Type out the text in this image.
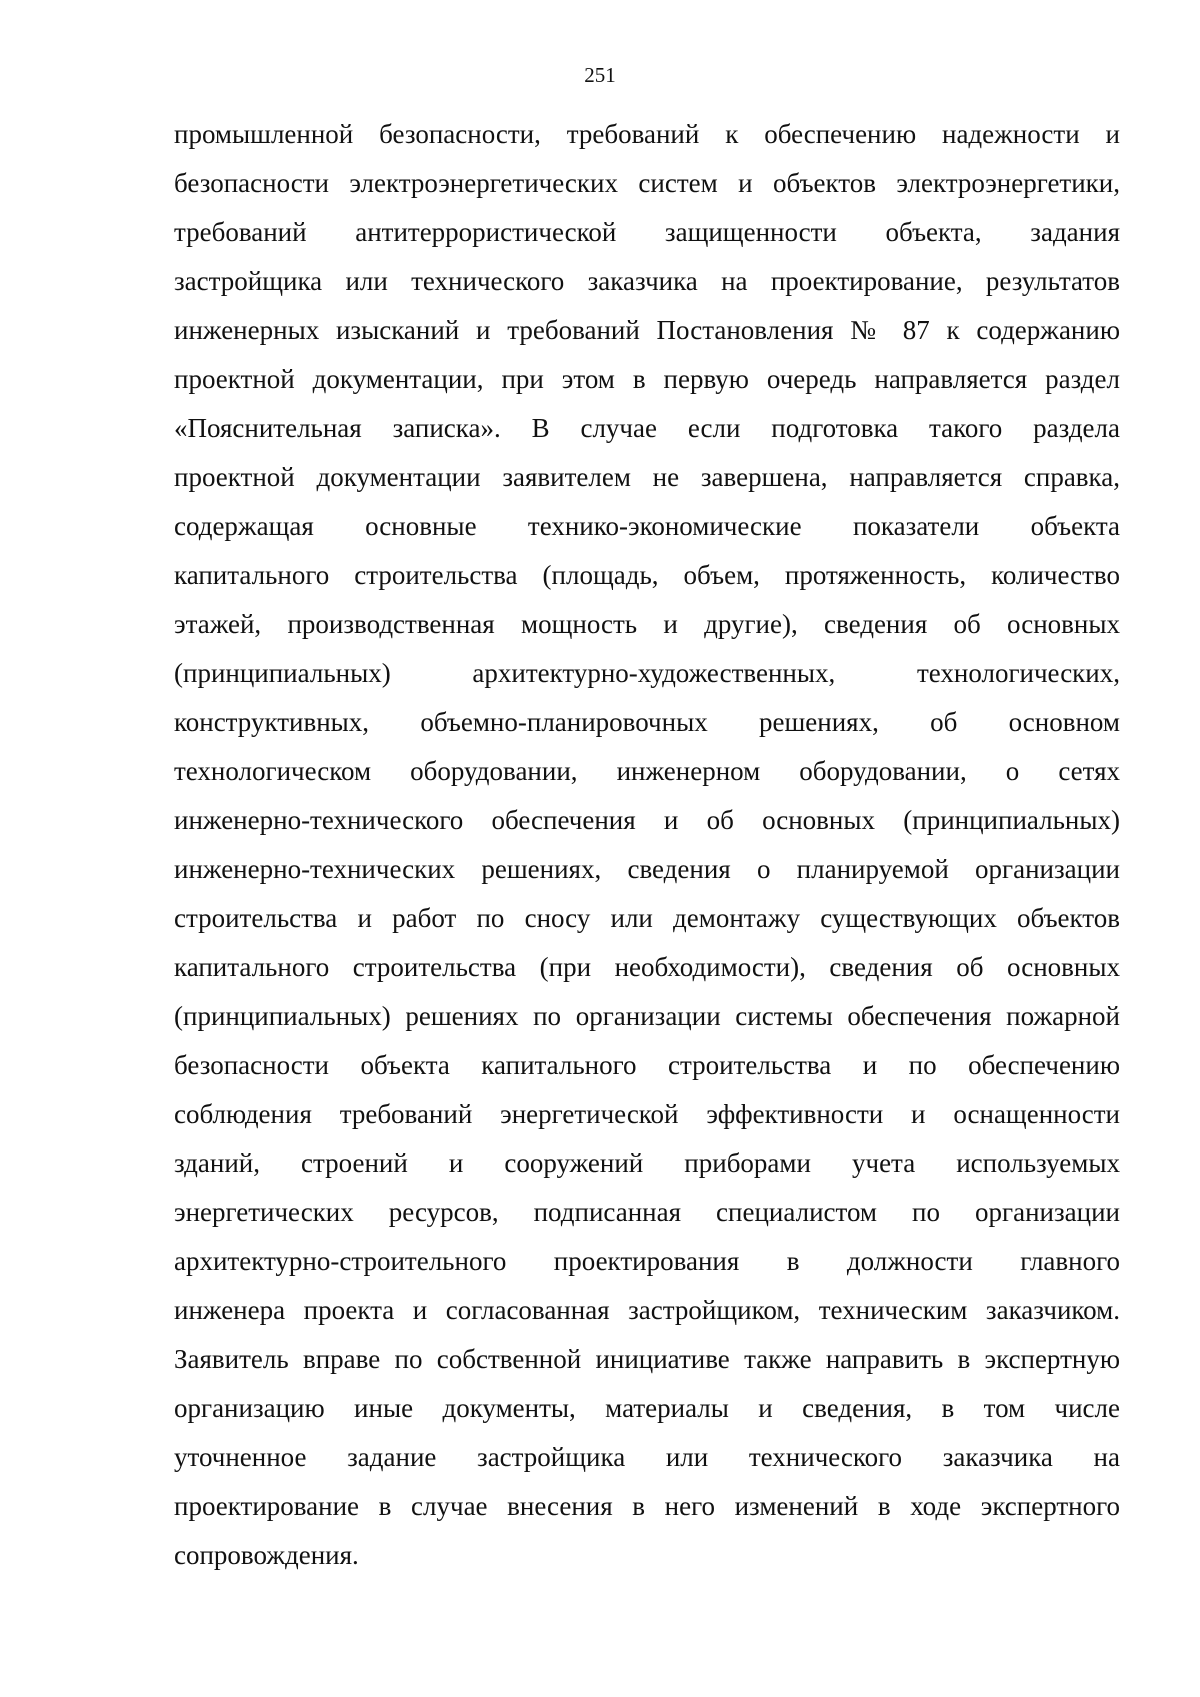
251
промышленной безопасности, требований к обеспечению надежности и
безопасности электроэнергетических систем и объектов электроэнергетики,
требований антитеррористической защищенности объекта, задания
застройщика или технического заказчика на проектирование, результатов
инженерных изысканий и требований Постановления № 87 к содержанию
проектной документации, при этом в первую очередь направляется раздел
«Пояснительная записка». В случае если подготовка такого раздела
проектной документации заявителем не завершена, направляется справка,
содержащая основные технико-экономические показатели объекта
капитального строительства (площадь, объем, протяженность, количество
этажей, производственная мощность и другие), сведения об основных
(принципиальных) архитектурно-художественных, технологических,
конструктивных, объемно-планировочных решениях, об основном
технологическом оборудовании, инженерном оборудовании, о сетях
инженерно-технического обеспечения и об основных (принципиальных)
инженерно-технических решениях, сведения о планируемой организации
строительства и работ по сносу или демонтажу существующих объектов
капитального строительства (при необходимости), сведения об основных
(принципиальных) решениях по организации системы обеспечения пожарной
безопасности объекта капитального строительства и по обеспечению
соблюдения требований энергетической эффективности и оснащенности
зданий, строений и сооружений приборами учета используемых
энергетических ресурсов, подписанная специалистом по организации
архитектурно-строительного проектирования в должности главного
инженера проекта и согласованная застройщиком, техническим заказчиком.
Заявитель вправе по собственной инициативе также направить в экспертную
организацию иные документы, материалы и сведения, в том числе
уточненное задание застройщика или технического заказчика на
проектирование в случае внесения в него изменений в ходе экспертного
сопровождения.
